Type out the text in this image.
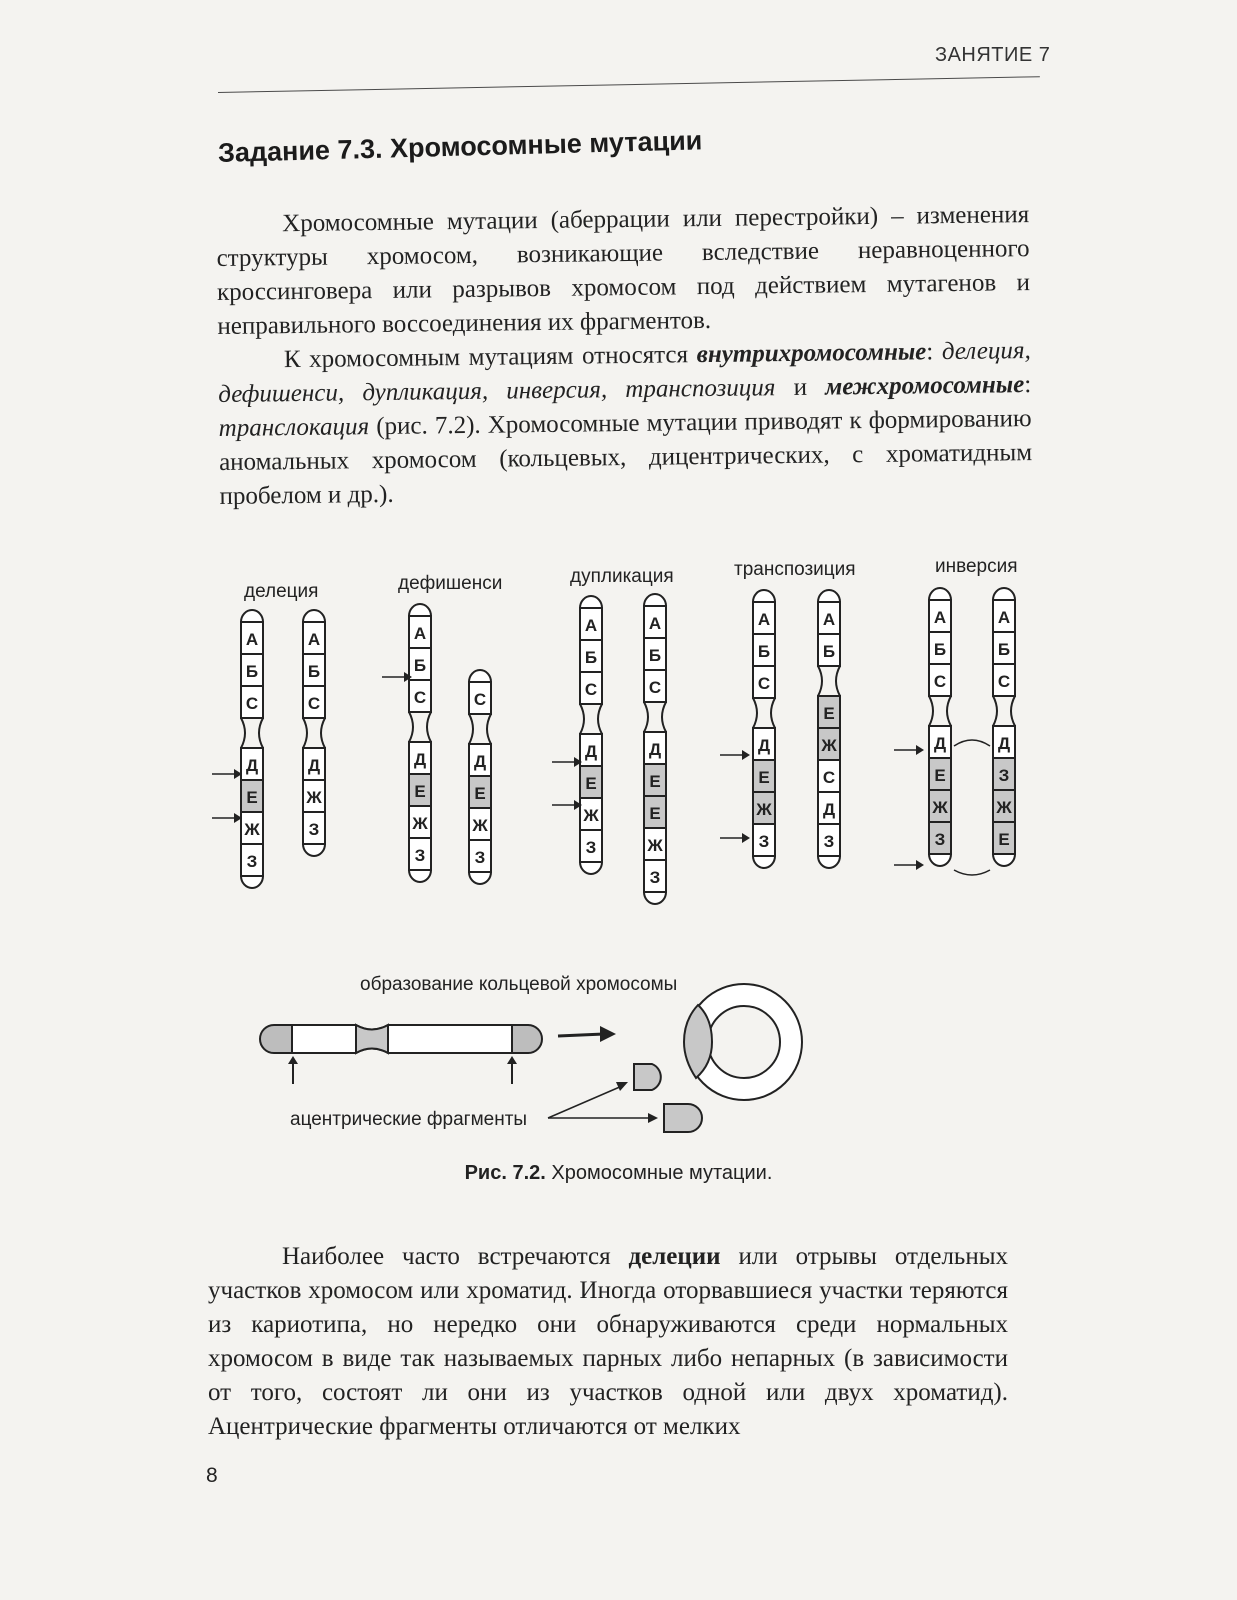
ЗАНЯТИЕ 7
Задание 7.3. Хромосомные мутации

Хромосомные мутации (аберрации или перестройки) – изменения структуры хромосом, возникающие вследствие неравноценного кроссинговера или разрывов хромосом под действием мутагенов и неправильного воссоединения их фрагментов.

К хромосомным мутациям относятся внутрихромосомные: делеция, дефишенси, дупликация, инверсия, транспозиция и межхромосомные: транслокация (рис. 7.2). Хромосомные мутации приводят к формированию аномальных хромосом (кольцевых, дицентрических, с хроматидным пробелом и др.).

делеция	дефишенси	дупликация	транспозиция	инверсия
А
Б
С
Д
Е
Ж
З
А
Б
С
Д
Ж
З
А
Б
С
Д
Е
Ж
З
С
Д
Е
Ж
З
А
Б
С
Д
Е
Ж
З
А
Б
С
Д
Е
Е
Ж
З
А
Б
С
Д
Е
Ж
З
А
Б
Е
Ж
С
Д
З
А
Б
С
Д
Е
Ж
З
А
Б
С
Д
З
Ж
Е
образование кольцевой хромосомы
ацентрические фрагменты
Рис. 7.2. Хромосомные мутации.

Наиболее часто встречаются делеции или отрывы отдельных участков хромосом или хроматид. Иногда оторвавшиеся участки теряются из кариотипа, но нередко они обнаруживаются среди нормальных хромосом в виде так называемых парных либо непарных (в зависимости от того, состоят ли они из участков одной или двух хроматид). Ацентрические фрагменты отличаются от мелких

8
